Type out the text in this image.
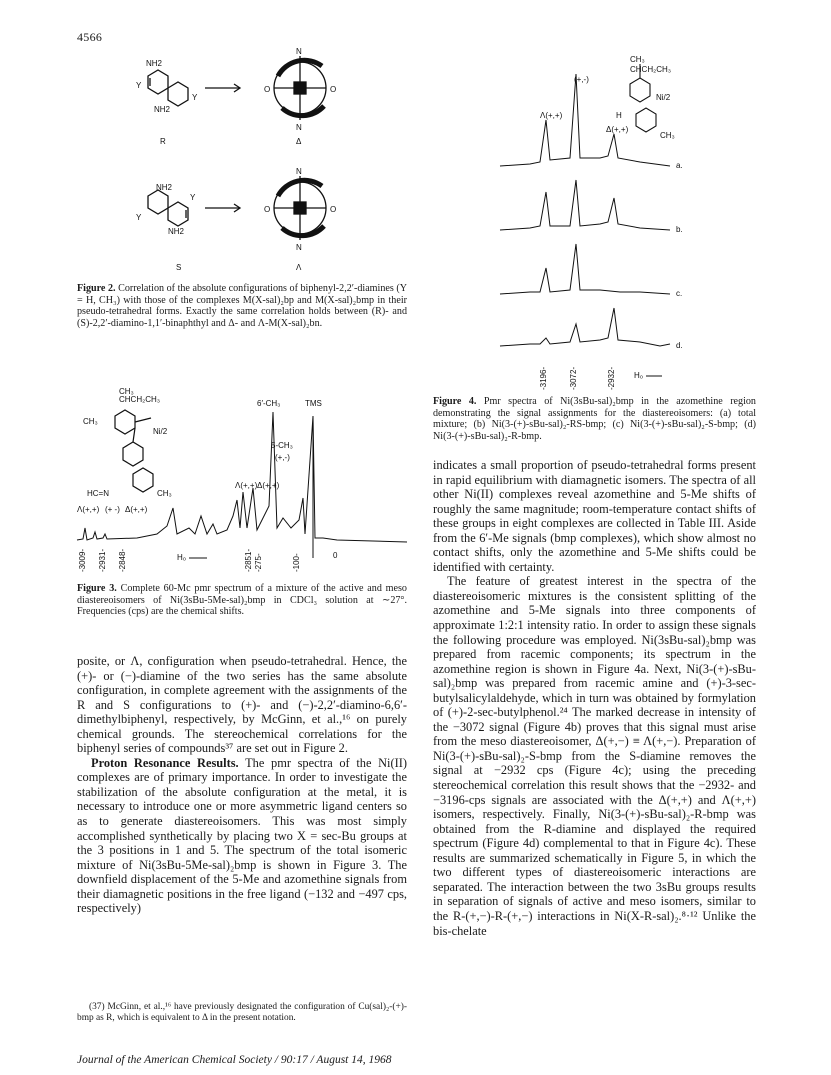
4566
NH2
NH2
Y
Y
N
N
O	O
R	Δ
NH2
NH2
Y
Y
N
N
O	O
S	Λ
Figure 2. Correlation of the absolute configurations of biphenyl-2,2′-diamines (Y = H, CH₃) with those of the complexes M(X-sal)₂bp and M(X-sal)₂bmp in their pseudo-tetrahedral forms. Exactly the same correlation holds between (R)- and (S)-2,2′-diamino-1,1′-binaphthyl and Δ- and Λ-M(X-sal)₂bn.
CH₃
CHCH₂CH₃
CH₃
Ni/2
CH₃
6′-CH₃	TMS
5-CH₃
(+,-)
Λ(+,+) Δ(+,+)
HC=N
Λ(+,+) (+ -) Δ(+,+)
-3009- -2931- -2848-	-2851- -275-	-100-	0
H₀
Figure 3. Complete 60-Mc pmr spectrum of a mixture of the active and meso diastereoisomers of Ni(3sBu-5Me-sal)₂bmp in CDCl₃ solution at ∼27°. Frequencies (cps) are the chemical shifts.

posite, or Λ, configuration when pseudo-tetrahedral. Hence, the (+)- or (−)-diamine of the two series has the same absolute configuration, in complete agreement with the assignments of the R and S configurations to (+)- and (−)-2,2′-diamino-6,6′-dimethylbiphenyl, respectively, by McGinn, et al.,¹⁶ on purely chemical grounds. The stereochemical correlations for the biphenyl series of compounds³⁷ are set out in Figure 2.

Proton Resonance Results. The pmr spectra of the Ni(II) complexes are of primary importance. In order to investigate the stabilization of the absolute configuration at the metal, it is necessary to introduce one or more asymmetric ligand centers so as to generate diastereoisomers. This was most simply accomplished synthetically by placing two X = sec-Bu groups at the 3 positions in 1 and 5. The spectrum of the total isomeric mixture of Ni(3sBu-5Me-sal)₂bmp is shown in Figure 3. The downfield displacement of the 5-Me and azomethine signals from their diamagnetic positions in the free ligand (−132 and −497 cps, respectively)

(37) McGinn, et al.,¹⁶ have previously designated the configuration of Cu(sal)₂-(+)-bmp as R, which is equivalent to Δ in the present notation.

CH₃
CHCH₂CH₃
Ni/2
H
CH₃
(+,-)
Λ(+,+)
Δ(+,+)
a.
b.
c.
d.
-3196-	-3072-	-2932- H₀
Figure 4. Pmr spectra of Ni(3sBu-sal)₂bmp in the azomethine region demonstrating the signal assignments for the diastereoisomers: (a) total mixture; (b) Ni(3-(+)-sBu-sal)₂-RS-bmp; (c) Ni(3-(+)-sBu-sal)₂-S-bmp; (d) Ni(3-(+)-sBu-sal)₂-R-bmp.

indicates a small proportion of pseudo-tetrahedral forms present in rapid equilibrium with diamagnetic isomers. The spectra of all other Ni(II) complexes reveal azomethine and 5-Me shifts of roughly the same magnitude; room-temperature contact shifts of these groups in eight complexes are collected in Table III. Aside from the 6′-Me signals (bmp complexes), which show almost no contact shifts, only the azomethine and 5-Me shifts could be identified with certainty.

The feature of greatest interest in the spectra of the diastereoisomeric mixtures is the consistent splitting of the azomethine and 5-Me signals into three components of approximate 1:2:1 intensity ratio. In order to assign these signals the following procedure was employed. Ni(3sBu-sal)₂bmp was prepared from racemic components; its spectrum in the azomethine region is shown in Figure 4a. Next, Ni(3-(+)-sBu-sal)₂bmp was prepared from racemic amine and (+)-3-sec-butylsalicylaldehyde, which in turn was obtained by formylation of (+)-2-sec-butylphenol.²⁴ The marked decrease in intensity of the −3072 signal (Figure 4b) proves that this signal must arise from the meso diastereoisomer, Δ(+,−) ≡ Λ(+,−). Preparation of Ni(3-(+)-sBu-sal)₂-S-bmp from the S-diamine removes the signal at −2932 cps (Figure 4c); using the preceding stereochemical correlation this result shows that the −2932- and −3196-cps signals are associated with the Δ(+,+) and Λ(+,+) isomers, respectively. Finally, Ni(3-(+)-sBu-sal)₂-R-bmp was obtained from the R-diamine and displayed the required spectrum (Figure 4d) complemental to that in Figure 4c). These results are summarized schematically in Figure 5, in which the two different types of diastereoisomeric interactions are separated. The interaction between the two 3sBu groups results in separation of signals of active and meso isomers, similar to the R-(+,−)-R-(+,−) interactions in Ni(X-R-sal)₂.⁸·¹² Unlike the bis-chelate

Journal of the American Chemical Society / 90:17 / August 14, 1968
